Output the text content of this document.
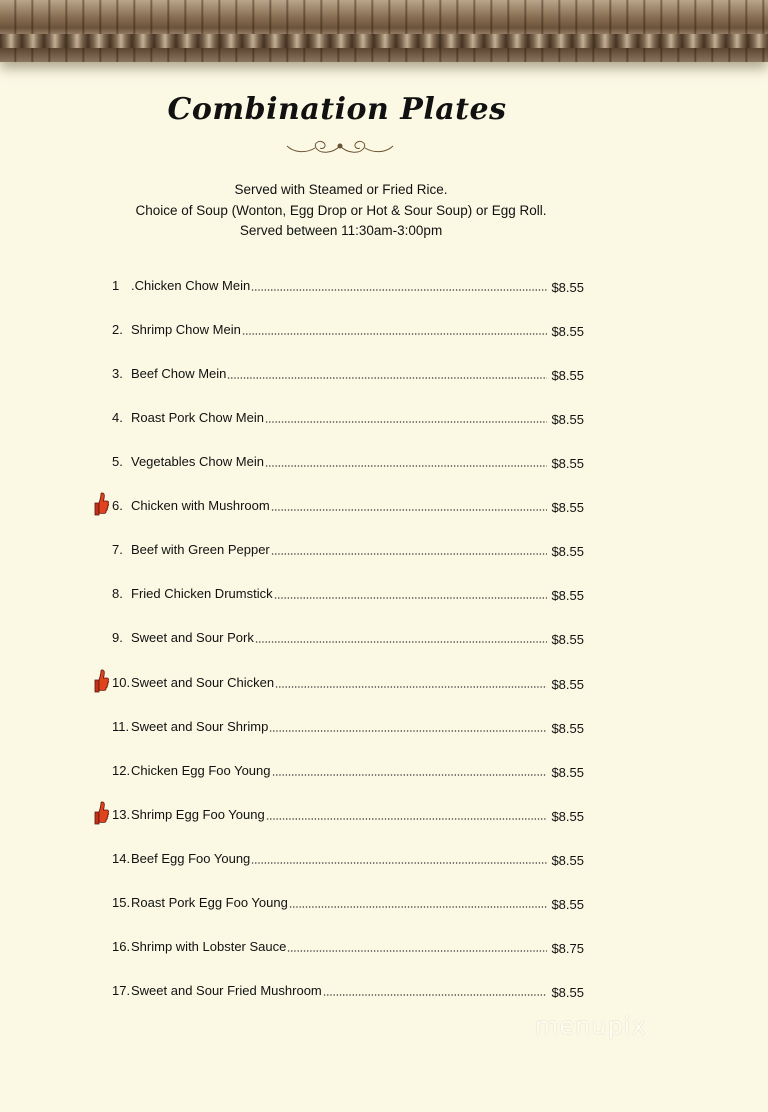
Combination Plates
Served with Steamed or Fried Rice.
Choice of Soup (Wonton, Egg Drop or Hot & Sour Soup) or Egg Roll.
Served between 11:30am-3:00pm
1 .Chicken Chow Mein	$8.55
2. Shrimp Chow Mein	$8.55
3. Beef Chow Mein	$8.55
4. Roast Pork Chow Mein	$8.55
5. Vegetables Chow Mein	$8.55
6. Chicken with Mushroom	$8.55
7. Beef with Green Pepper	$8.55
8. Fried Chicken Drumstick	$8.55
9. Sweet and Sour Pork	$8.55
10. Sweet and Sour Chicken	$8.55
11. Sweet and Sour Shrimp	$8.55
12. Chicken Egg Foo Young	$8.55
13. Shrimp Egg Foo Young	$8.55
14. Beef Egg Foo Young	$8.55
15. Roast Pork Egg Foo Young	$8.55
16. Shrimp with Lobster Sauce	$8.75
17. Sweet and Sour Fried Mushroom	$8.55
menupix
